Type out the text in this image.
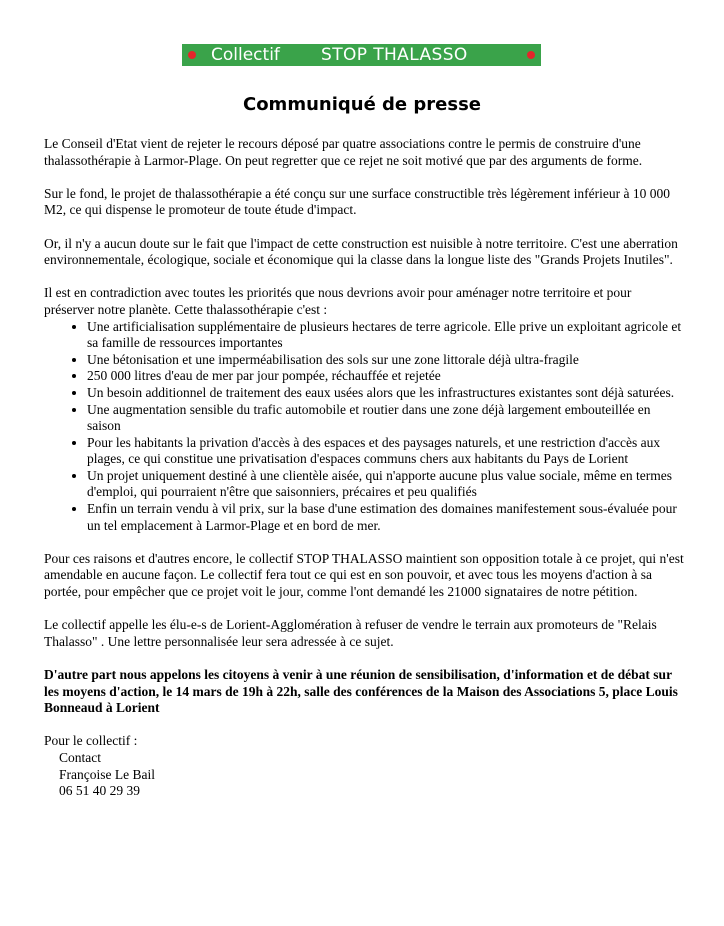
Collectif STOP THALASSO
Communiqué de presse

Le Conseil d'Etat vient de rejeter le recours déposé par quatre associations contre le permis de construire d'une thalassothérapie à Larmor-Plage. On peut regretter que ce rejet ne soit motivé que par des arguments de forme.

Sur le fond, le projet de thalassothérapie a été conçu sur une surface constructible très légèrement inférieur à 10 000 M2, ce qui dispense le promoteur de toute étude d'impact.

Or, il n'y a aucun doute sur le fait que l'impact de cette construction est nuisible à notre territoire. C'est une aberration environnementale, écologique, sociale et économique qui la classe dans la longue liste des "Grands Projets Inutiles".

Il est en contradiction avec toutes les priorités que nous devrions avoir pour aménager notre territoire et pour préserver notre planète. Cette thalassothérapie c'est :

• Une artificialisation supplémentaire de plusieurs hectares de terre agricole. Elle prive un exploitant agricole et sa famille de ressources importantes
• Une bétonisation et une imperméabilisation des sols sur une zone littorale déjà ultra-fragile
• 250 000 litres d'eau de mer par jour pompée, réchauffée et rejetée
• Un besoin additionnel de traitement des eaux usées alors que les infrastructures existantes sont déjà saturées.
• Une augmentation sensible du trafic automobile et routier dans une zone déjà largement embouteillée en saison
• Pour les habitants la privation d'accès à des espaces et des paysages naturels, et une restriction d'accès aux plages, ce qui constitue une privatisation d'espaces communs chers aux habitants du Pays de Lorient
• Un projet uniquement destiné à une clientèle aisée, qui n'apporte aucune plus value sociale, même en termes d'emploi, qui pourraient n'être que saisonniers, précaires et peu qualifiés
• Enfin un terrain vendu à vil prix, sur la base d'une estimation des domaines manifestement sous-évaluée pour un tel emplacement à Larmor-Plage et en bord de mer.

Pour ces raisons et d'autres encore, le collectif STOP THALASSO maintient son opposition totale à ce projet, qui n'est amendable en aucune façon. Le collectif fera tout ce qui est en son pouvoir, et avec tous les moyens d'action à sa portée, pour empêcher que ce projet voit le jour, comme l'ont demandé les 21000 signataires de notre pétition.

Le collectif appelle les élu-e-s de Lorient-Agglomération à refuser de vendre le terrain aux promoteurs de "Relais Thalasso" . Une lettre personnalisée leur sera adressée à ce sujet.

D'autre part nous appelons les citoyens à venir à une réunion de sensibilisation, d'information et de débat sur les moyens d'action, le 14 mars de 19h à 22h, salle des conférences de la Maison des Associations 5, place Louis Bonneaud à Lorient

Pour le collectif :
Contact
Françoise Le Bail
06 51 40 29 39
